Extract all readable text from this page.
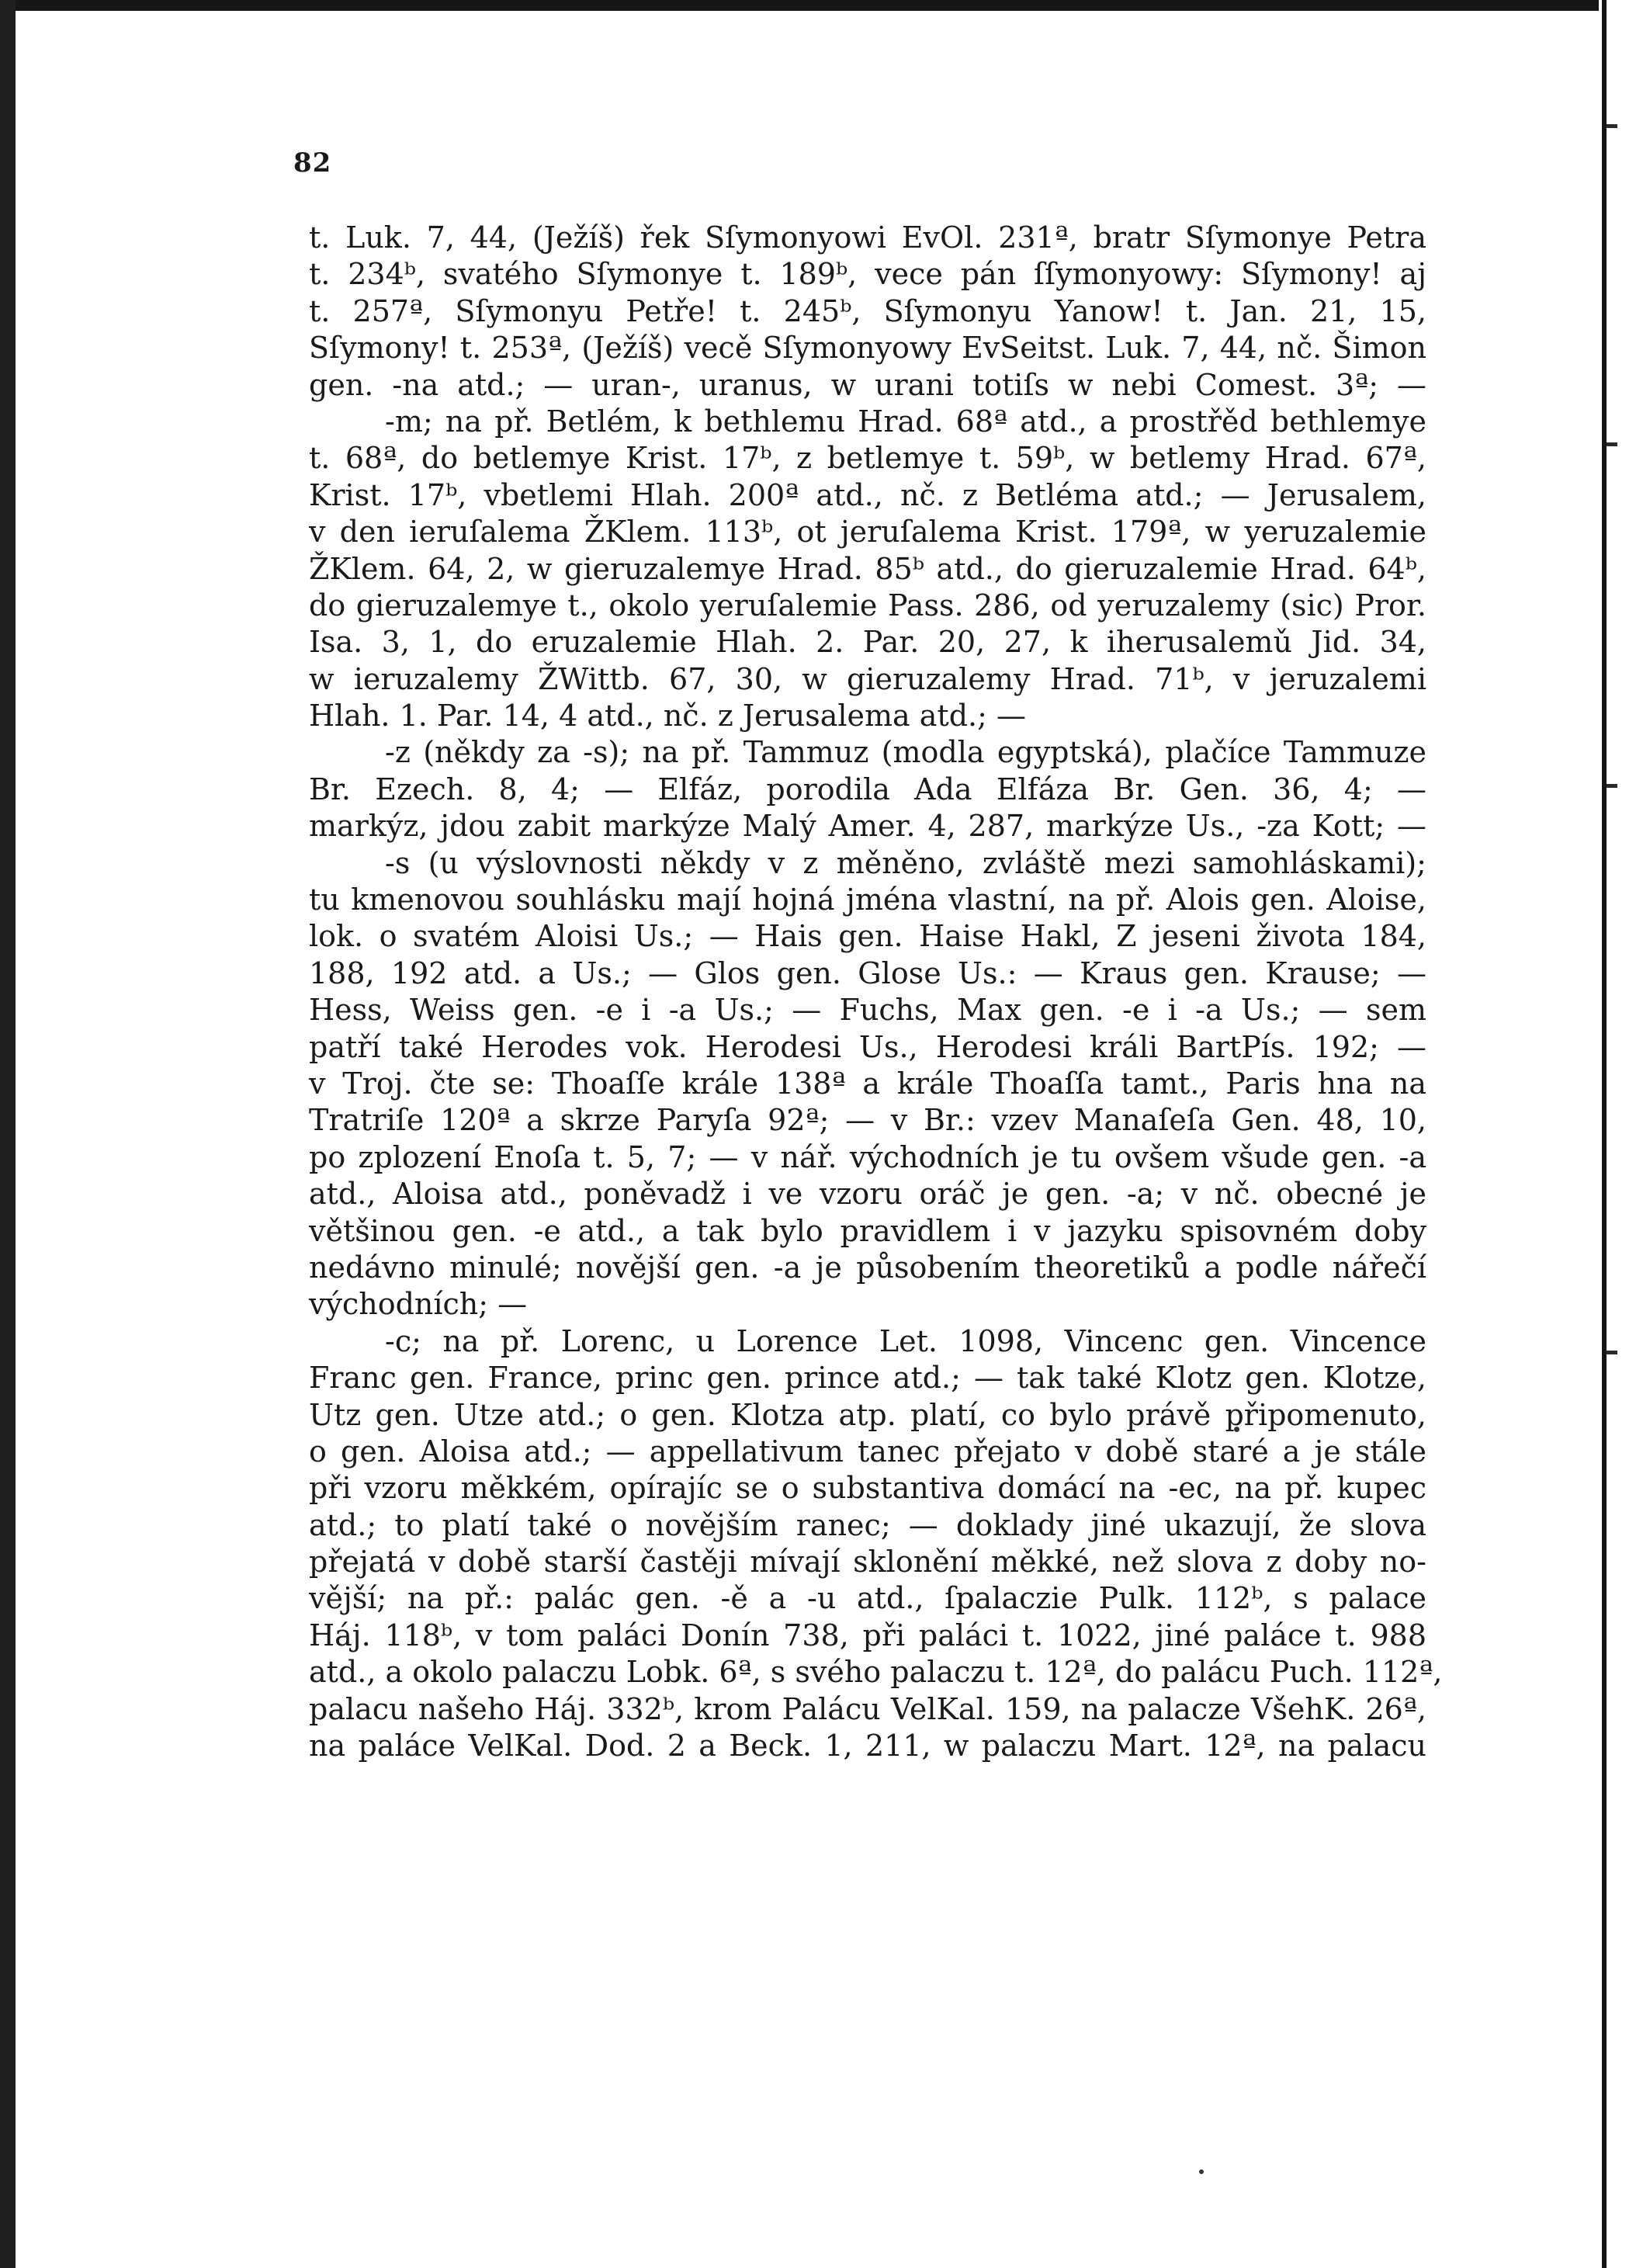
82
t. Luk. 7, 44, (Ježíš) řek Sſymonyowi EvOl. 231ª, bratr Sſymonye Petra
t. 234ᵇ, svatého Sſymonye t. 189ᵇ, vece pán ſſymonyowy: Sſymony! aj
t. 257ª, Sſymonyu Petře! t. 245ᵇ, Sſymonyu Yanow! t. Jan. 21, 15,
Sſymony! t. 253ª, (Ježíš) vecě Sſymonyowy EvSeitst. Luk. 7, 44, nč. Šimon
gen. -na atd.; — uran-, uranus, w urani totiſs w nebi Comest. 3ª; —
-m; na př. Betlém, k bethlemu Hrad. 68ª atd., a prostřěd bethlemye
t. 68ª, do betlemye Krist. 17ᵇ, z betlemye t. 59ᵇ, w betlemy Hrad. 67ª,
Krist. 17ᵇ, vbetlemi Hlah. 200ª atd., nč. z Betléma atd.; — Jerusalem,
v den ieruſalema ŽKlem. 113ᵇ, ot jeruſalema Krist. 179ª, w yeruzalemie
ŽKlem. 64, 2, w gieruzalemye Hrad. 85ᵇ atd., do gieruzalemie Hrad. 64ᵇ,
do gieruzalemye t., okolo yeruſalemie Pass. 286, od yeruzalemy (sic) Pror.
Isa. 3, 1, do eruzalemie Hlah. 2. Par. 20, 27, k iherusalemǔ Jid. 34,
w ieruzalemy ŽWittb. 67, 30, w gieruzalemy Hrad. 71ᵇ, v jeruzalemi
Hlah. 1. Par. 14, 4 atd., nč. z Jerusalema atd.; —
-z (někdy za -s); na př. Tammuz (modla egyptská), plačíce Tammuze
Br. Ezech. 8, 4; — Elfáz, porodila Ada Elfáza Br. Gen. 36, 4; —
markýz, jdou zabit markýze Malý Amer. 4, 287, markýze Us., -za Kott; —
-s (u výslovnosti někdy v z měněno, zvláště mezi samohláskami);
tu kmenovou souhlásku mají hojná jména vlastní, na př. Alois gen. Aloise,
lok. o svatém Aloisi Us.; — Hais gen. Haise Hakl, Z jeseni života 184,
188, 192 atd. a Us.; — Glos gen. Glose Us.: — Kraus gen. Krause; —
Hess, Weiss gen. -e i -a Us.; — Fuchs, Max gen. -e i -a Us.; — sem
patří také Herodes vok. Herodesi Us., Herodesi králi BartPís. 192; —
v Troj. čte se: Thoaſſe krále 138ª a krále Thoaſſa tamt., Paris hna na
Tratriſe 120ª a skrze Paryſa 92ª; — v Br.: vzev Manaſeſa Gen. 48, 10,
po zplození Enoſa t. 5, 7; — v nář. východních je tu ovšem všude gen. -a
atd., Aloisa atd., poněvadž i ve vzoru oráč je gen. -a; v nč. obecné je
většinou gen. -e atd., a tak bylo pravidlem i v jazyku spisovném doby
nedávno minulé; novější gen. -a je působením theoretiků a podle nářečí
východních; —
-c; na př. Lorenc, u Lorence Let. 1098, Vincenc gen. Vincence
Franc gen. France, princ gen. prince atd.; — tak také Klotz gen. Klotze,
Utz gen. Utze atd.; o gen. Klotza atp. platí, co bylo právě připomenuto,
o gen. Aloisa atd.; — appellativum tanec přejato v době staré a je stále
při vzoru měkkém, opírajíc se o substantiva domácí na -ec, na př. kupec
atd.; to platí také o novějším ranec; — doklady jiné ukazují, že slova
přejatá v době starší častěji mívají sklonění měkké, než slova z doby no-
vější; na př.: palác gen. -ě a -u atd., ſpalaczie Pulk. 112ᵇ, s palace
Háj. 118ᵇ, v tom paláci Donín 738, při paláci t. 1022, jiné paláce t. 988
atd., a okolo palaczu Lobk. 6ª, s svého palaczu t. 12ª, do palácu Puch. 112ª,
palacu našeho Háj. 332ᵇ, krom Palácu VelKal. 159, na palacze VšehK. 26ª,
na paláce VelKal. Dod. 2 a Beck. 1, 211, w palaczu Mart. 12ª, na palacu
